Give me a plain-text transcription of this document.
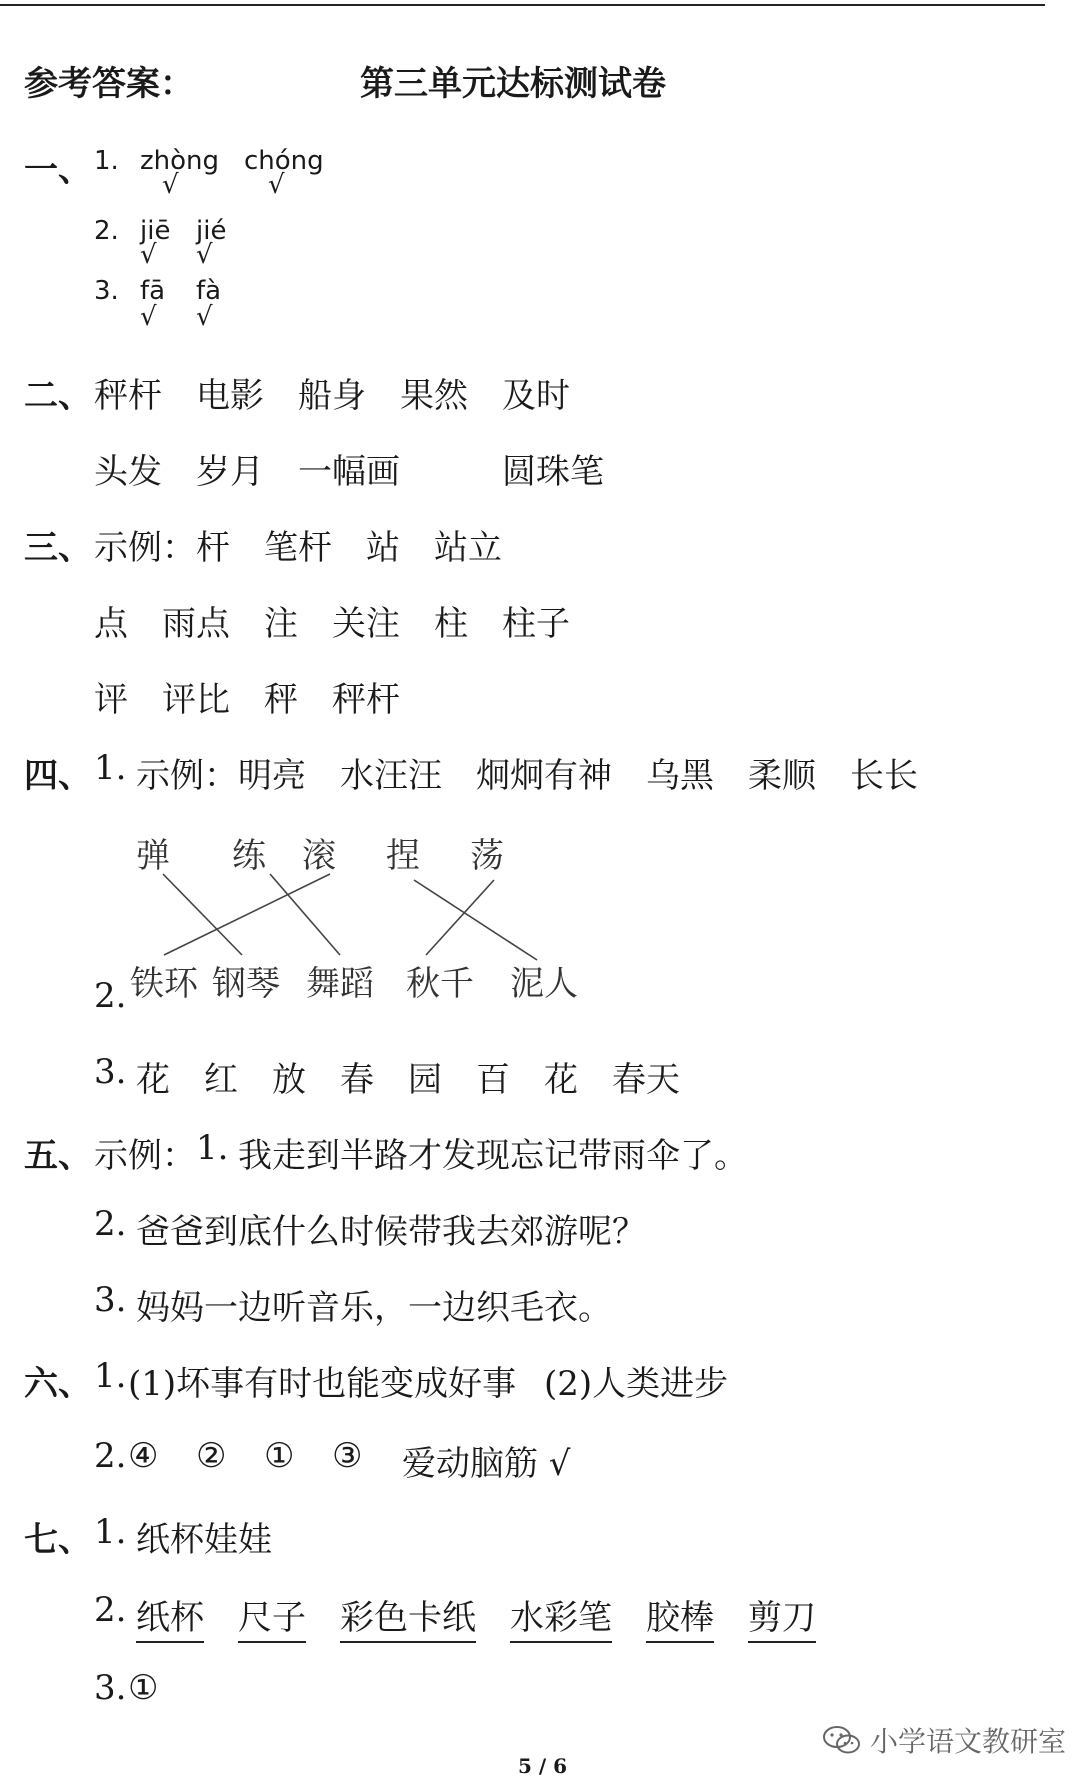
参考答案：	第三单元达标测试卷
一、 1. zhòng chóng
√	√
2. jiē jié
√ √
3. fā fà
√ √
二、 秤杆 电影 船身 果然 及时
头发 岁月 一幅画	圆珠笔
三、 示例： 杆 笔杆 站 站立
点 雨点 注 关注 柱 柱子
评 评比 秤 秤杆
四、 1. 示例： 明亮 水汪汪 炯炯有神 乌黑 柔顺 长长
弹 练 滚 捏 荡
铁环 钢琴 舞蹈 秋千 泥人
2.
3. 花 红 放 春 园 百 花 春天
五、 示例： 1. 我走到半路才发现忘记带雨伞了。
2. 爸爸到底什么时候带我去郊游呢？
3. 妈妈一边听音乐，一边织毛衣。
六、 1. (1)坏事有时也能变成好事 (2)人类进步
2. ④ ② ① ③ 爱动脑筋 √
七、 1. 纸杯娃娃
2. 纸杯 尺子 彩色卡纸 水彩笔 胶棒 剪刀
3. ①
小学语文教研室
5 / 6
